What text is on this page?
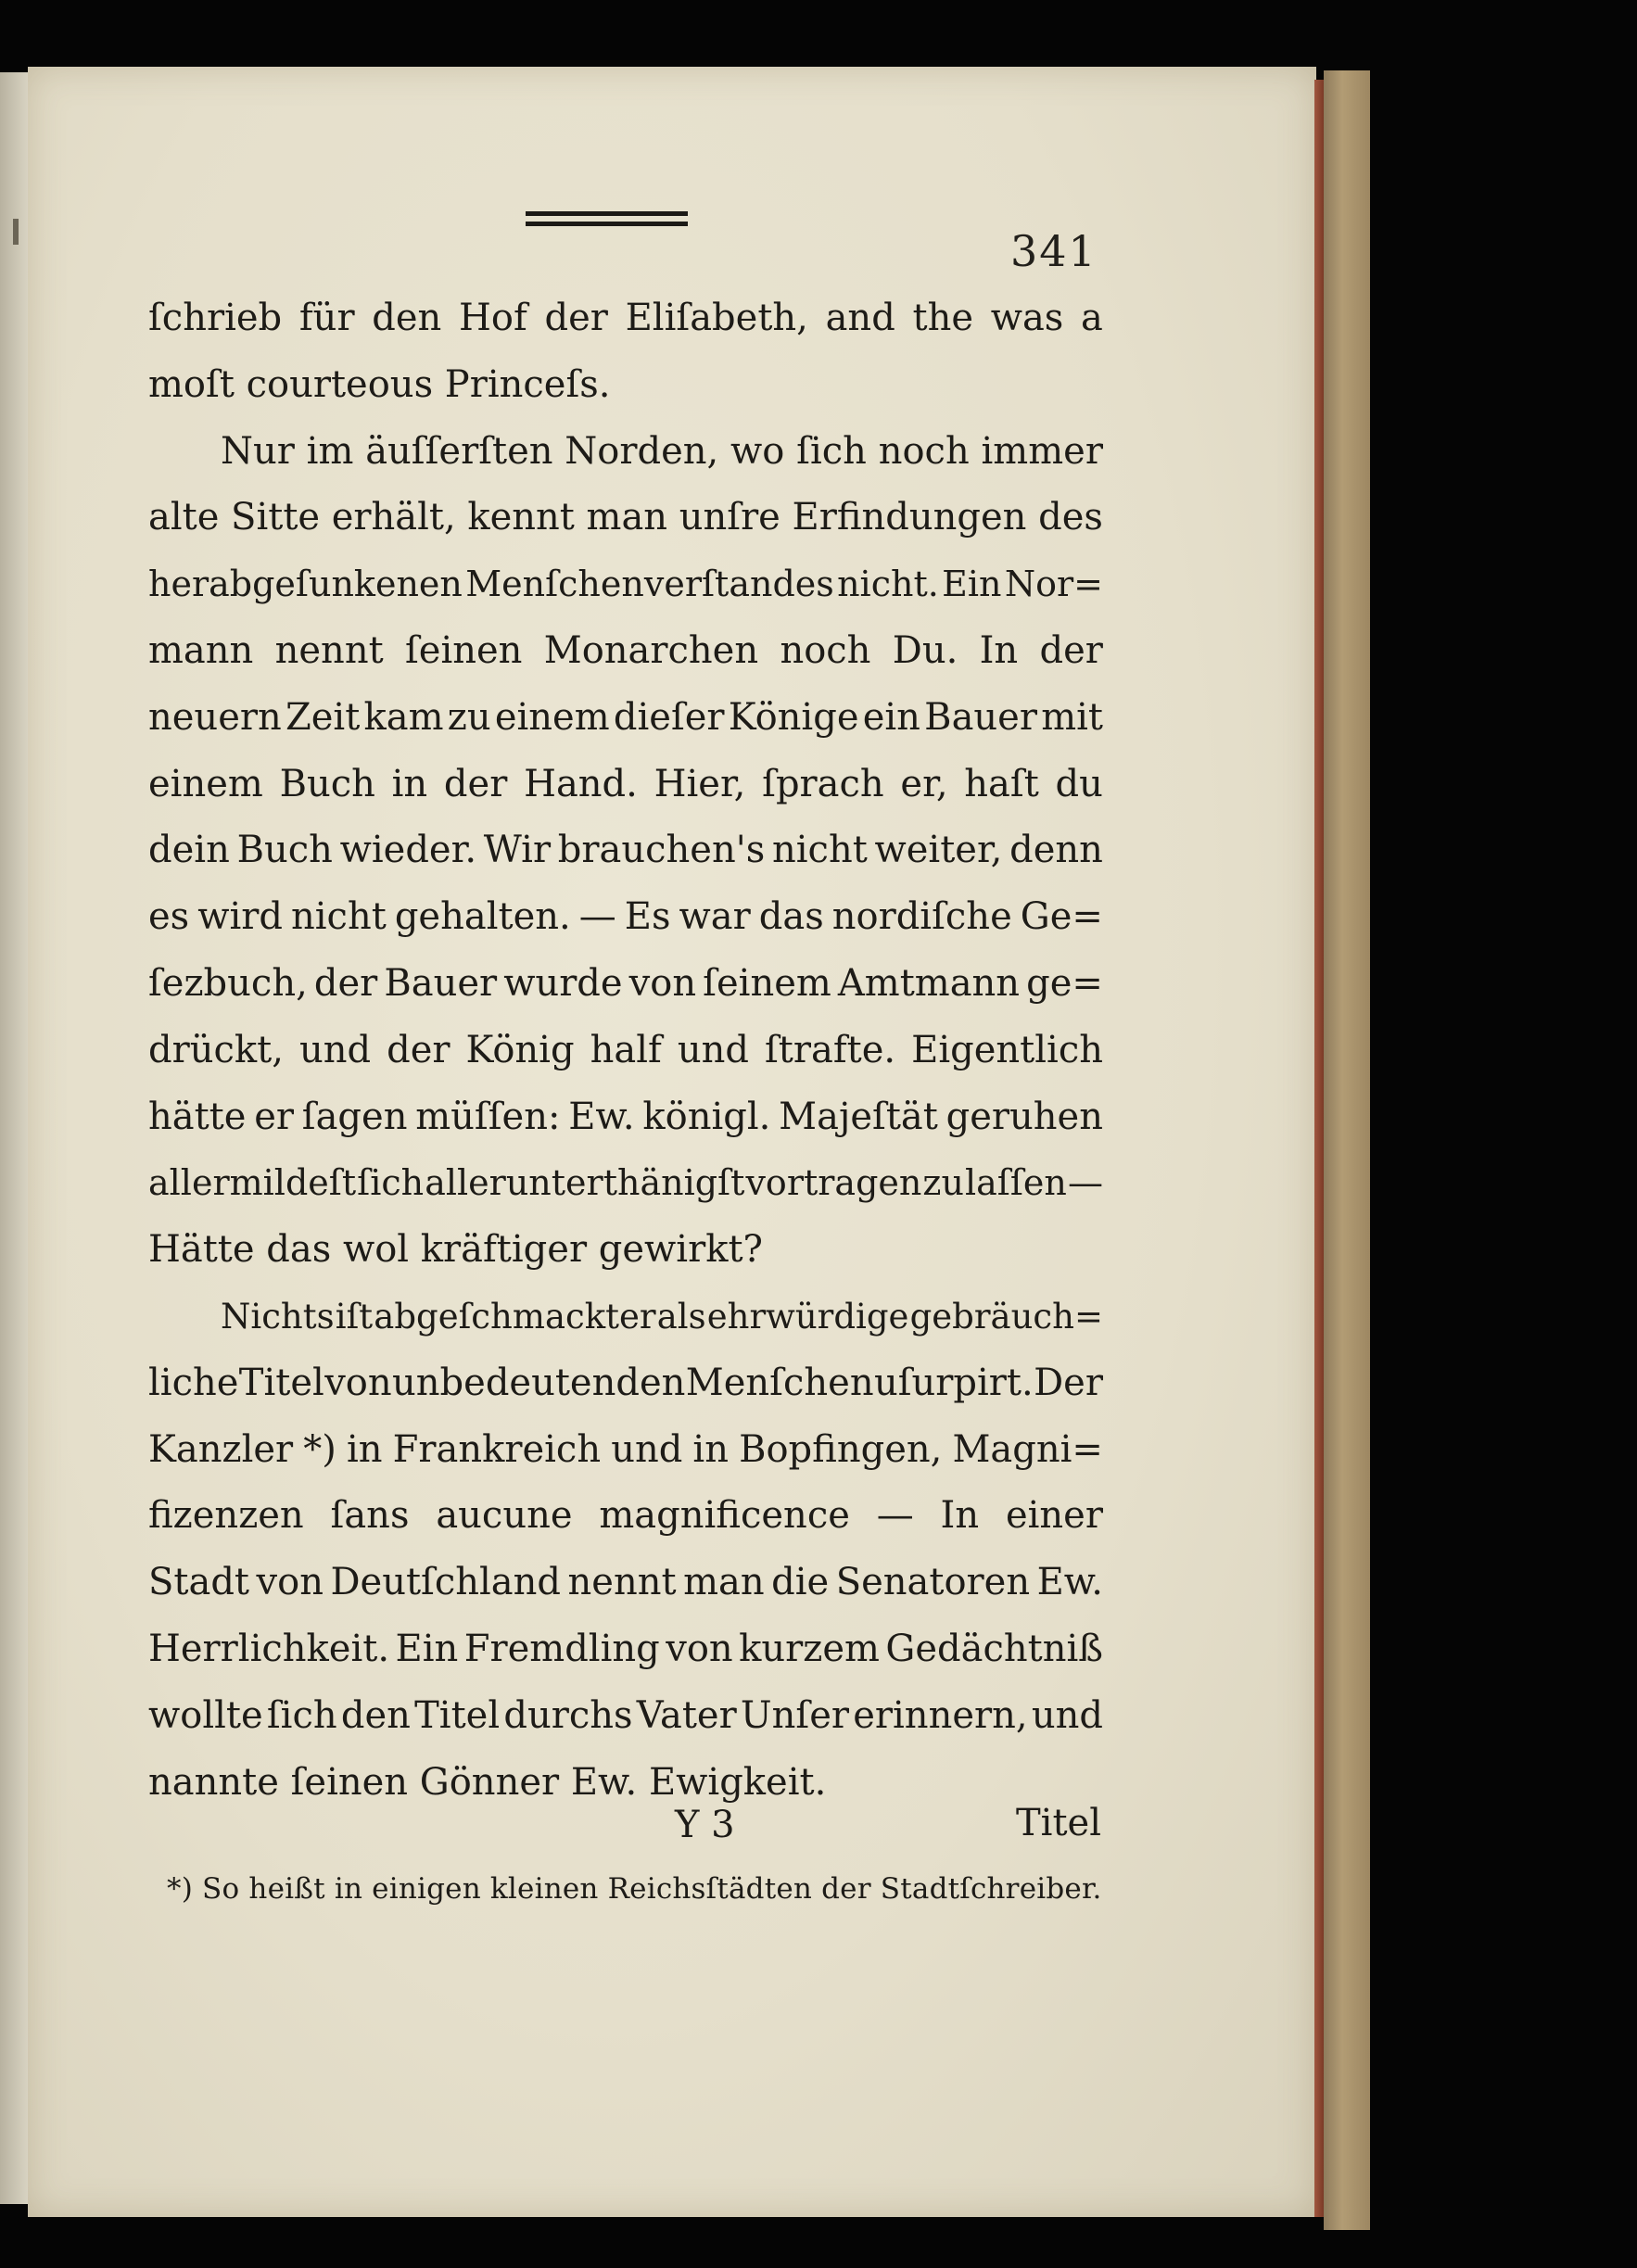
341
ſchrieb für den Hof der Eliſabeth, and the was a
moſt courteous Princeſs.
Nur im äuſſerſten Norden, wo ſich noch immer
alte Sitte erhält, kennt man unſre Erfindungen des
herabgeſunkenen Menſchenverſtandes nicht. Ein Nor=
mann nennt ſeinen Monarchen noch Du. In der
neuern Zeit kam zu einem dieſer Könige ein Bauer mit
einem Buch in der Hand. Hier, ſprach er, haſt du
dein Buch wieder. Wir brauchen's nicht weiter, denn
es wird nicht gehalten. — Es war das nordiſche Ge=
ſezbuch, der Bauer wurde von ſeinem Amtmann ge=
drückt, und der König half und ſtrafte. Eigentlich
hätte er ſagen müſſen: Ew. königl. Majeſtät geruhen
allermildeſt ſich allerunterthänigſt vortragen zu laſſen —
Hätte das wol kräftiger gewirkt?
Nichts iſt abgeſchmackter als ehrwürdige gebräuch=
liche Titel von unbedeutenden Menſchen uſurpirt. Der
Kanzler *) in Frankreich und in Bopfingen, Magni=
fizenzen ſans aucune magnificence — In einer
Stadt von Deutſchland nennt man die Senatoren Ew.
Herrlichkeit. Ein Fremdling von kurzem Gedächtniß
wollte ſich den Titel durchs Vater Unſer erinnern, und
nannte ſeinen Gönner Ew. Ewigkeit.
Y 3	Titel
*) So heißt in einigen kleinen Reichsſtädten der Stadtſchreiber.
